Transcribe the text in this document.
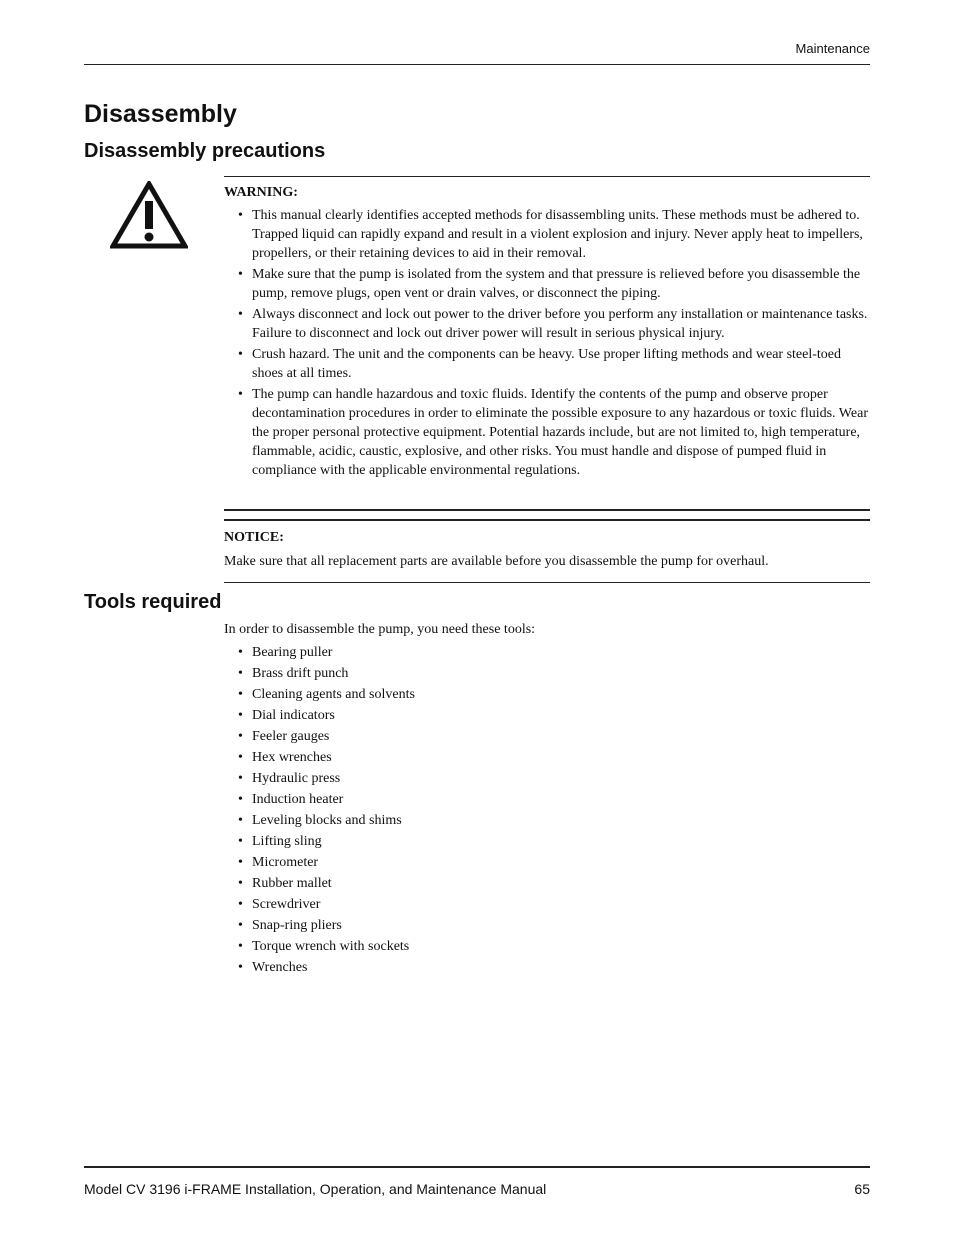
Maintenance
Disassembly
Disassembly precautions
WARNING:
• This manual clearly identifies accepted methods for disassembling units. These methods must be adhered to. Trapped liquid can rapidly expand and result in a violent explosion and injury. Never apply heat to impellers, propellers, or their retaining devices to aid in their removal.
• Make sure that the pump is isolated from the system and that pressure is relieved before you disassemble the pump, remove plugs, open vent or drain valves, or disconnect the piping.
• Always disconnect and lock out power to the driver before you perform any installation or maintenance tasks. Failure to disconnect and lock out driver power will result in serious physical injury.
• Crush hazard. The unit and the components can be heavy. Use proper lifting methods and wear steel-toed shoes at all times.
• The pump can handle hazardous and toxic fluids. Identify the contents of the pump and observe proper decontamination procedures in order to eliminate the possible exposure to any hazardous or toxic fluids. Wear the proper personal protective equipment. Potential hazards include, but are not limited to, high temperature, flammable, acidic, caustic, explosive, and other risks. You must handle and dispose of pumped fluid in compliance with the applicable environmental regulations.
NOTICE:

Make sure that all replacement parts are available before you disassemble the pump for overhaul.

Tools required

In order to disassemble the pump, you need these tools:

• Bearing puller
• Brass drift punch
• Cleaning agents and solvents
• Dial indicators
• Feeler gauges
• Hex wrenches
• Hydraulic press
• Induction heater
• Leveling blocks and shims
• Lifting sling
• Micrometer
• Rubber mallet
• Screwdriver
• Snap-ring pliers
• Torque wrench with sockets
• Wrenches
Model CV 3196 i-FRAME Installation, Operation, and Maintenance Manual	65
